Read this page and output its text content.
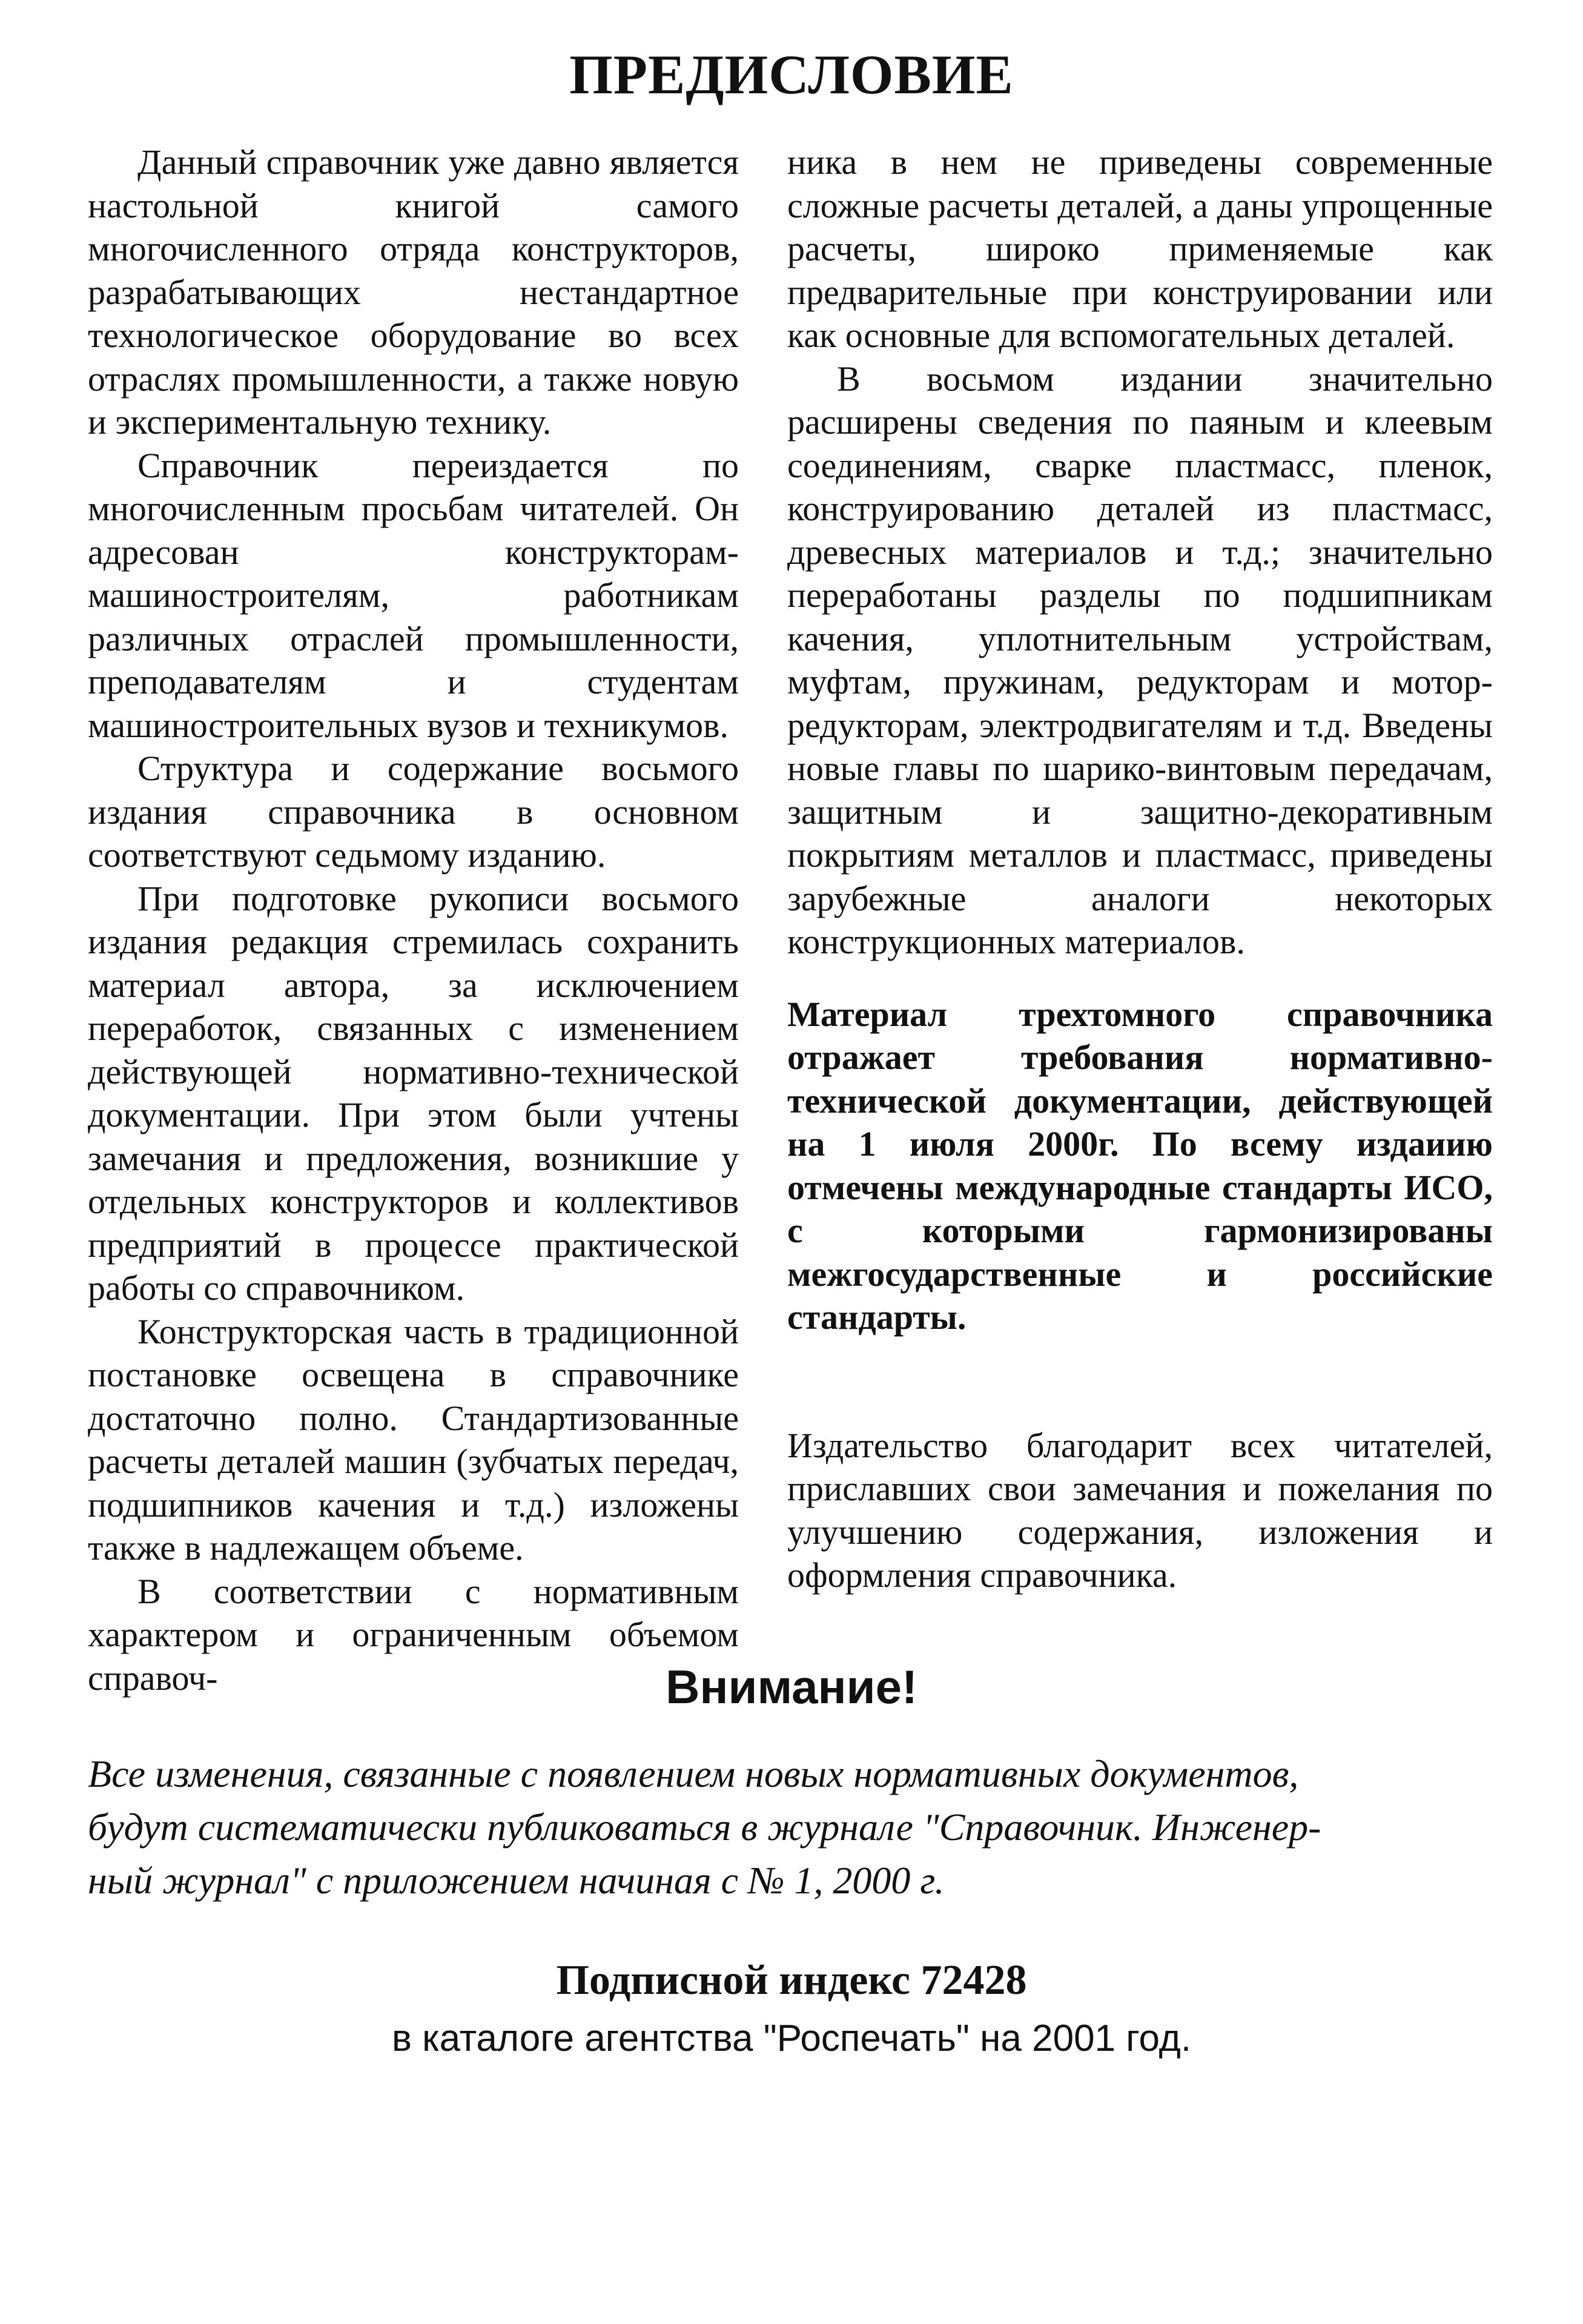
ПРЕДИСЛОВИЕ

Данный справочник уже давно является настольной книгой самого многочисленного отряда конструкторов, разрабатывающих нестандартное технологическое оборудование во всех отраслях промышленности, а также новую и экспериментальную технику.

Справочник переиздается по многочисленным просьбам читателей. Он адресован конструкторам-машиностроителям, работникам различных отраслей промышленности, преподавателям и студентам машиностроительных вузов и техникумов.

Структура и содержание восьмого издания справочника в основном соответствуют седьмому изданию.

При подготовке рукописи восьмого издания редакция стремилась сохранить материал автора, за исключением переработок, связанных с изменением действующей нормативно-технической документации. При этом были учтены замечания и предложения, возникшие у отдельных конструкторов и коллективов предприятий в процессе практической работы со справочником.

Конструкторская часть в традиционной постановке освещена в справочнике достаточно полно. Стандартизованные расчеты деталей машин (зубчатых передач, подшипников качения и т.д.) изложены также в надлежащем объеме.

В соответствии с нормативным характером и ограниченным объемом справоч-

ника в нем не приведены современные сложные расчеты деталей, а даны упрощенные расчеты, широко применяемые как предварительные при конструировании или как основные для вспомогательных деталей.

В восьмом издании значительно расширены сведения по паяным и клеевым соединениям, сварке пластмасс, пленок, конструированию деталей из пластмасс, древесных материалов и т.д.; значительно переработаны разделы по подшипникам качения, уплотнительным устройствам, муфтам, пружинам, редукторам и мотор-редукторам, электродвигателям и т.д. Введены новые главы по шарико-винтовым передачам, защитным и защитно-декоративным покрытиям металлов и пластмасс, приведены зарубежные аналоги некоторых конструкционных материалов.

Материал трехтомного справочника отражает требования нормативно-технической документации, действующей на 1 июля 2000г. По всему издаиию отмечены международные стандарты ИСО, с которыми гармонизированы межгосударственные и российские стандарты.

Издательство благодарит всех читателей, приславших свои замечания и пожелания по улучшению содержания, изложения и оформления справочника.

Внимание!

Все изменения, связанные с появлением новых нормативных документов,
будут систематически публиковаться в журнале "Справочник. Инженер-
ный журнал" с приложением начиная с № 1, 2000 г.

Подписной индекс 72428

в каталоге агентства "Роспечать" на 2001 год.
